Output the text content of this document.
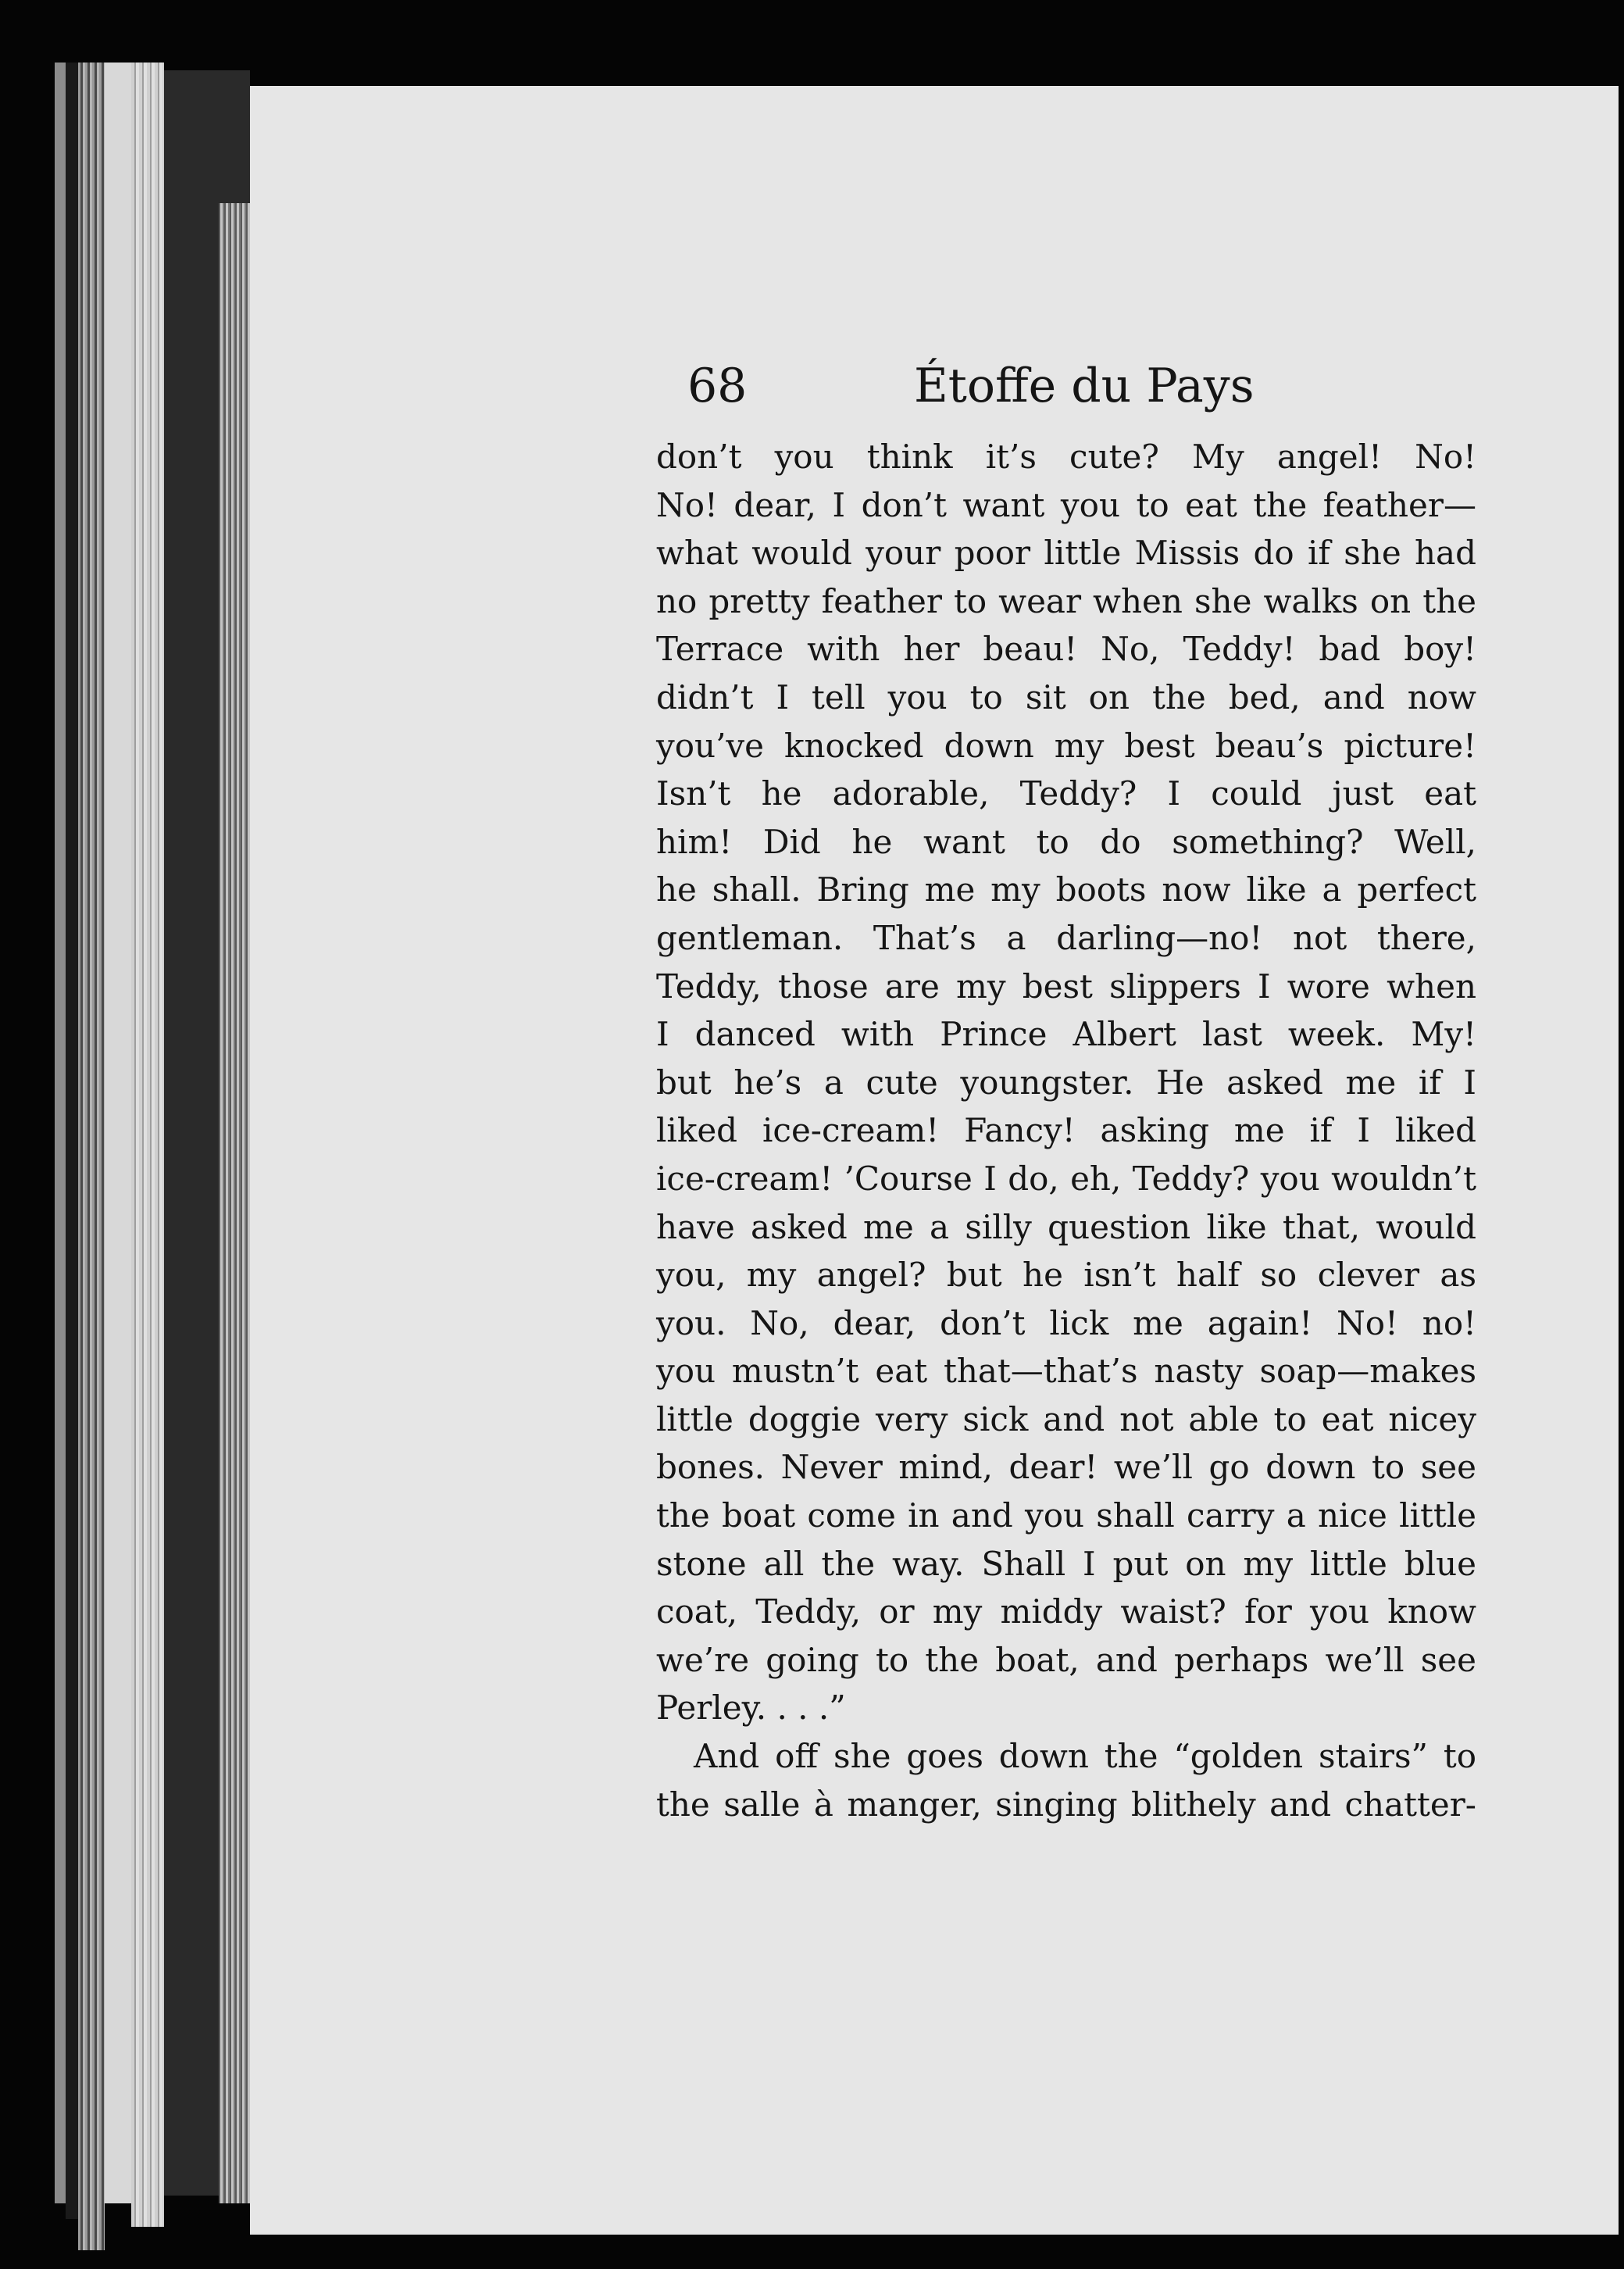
68	Étoffe du Pays
don’t you think it’s cute? My angel! No!
No! dear, I don’t want you to eat the feather—
what would your poor little Missis do if she had
no pretty feather to wear when she walks on the
Terrace with her beau! No, Teddy! bad boy!
didn’t I tell you to sit on the bed, and now
you’ve knocked down my best beau’s picture!
Isn’t he adorable, Teddy? I could just eat
him! Did he want to do something? Well,
he shall. Bring me my boots now like a perfect
gentleman. That’s a darling—no! not there,
Teddy, those are my best slippers I wore when
I danced with Prince Albert last week. My!
but he’s a cute youngster. He asked me if I
liked ice-cream! Fancy! asking me if I liked
ice-cream! ’Course I do, eh, Teddy? you wouldn’t
have asked me a silly question like that, would
you, my angel? but he isn’t half so clever as
you. No, dear, don’t lick me again! No! no!
you mustn’t eat that—that’s nasty soap—makes
little doggie very sick and not able to eat nicey
bones. Never mind, dear! we’ll go down to see
the boat come in and you shall carry a nice little
stone all the way. Shall I put on my little blue
coat, Teddy, or my middy waist? for you know
we’re going to the boat, and perhaps we’ll see
Perley. . . .”
And off she goes down the “golden stairs” to
the salle à manger, singing blithely and chatter-
